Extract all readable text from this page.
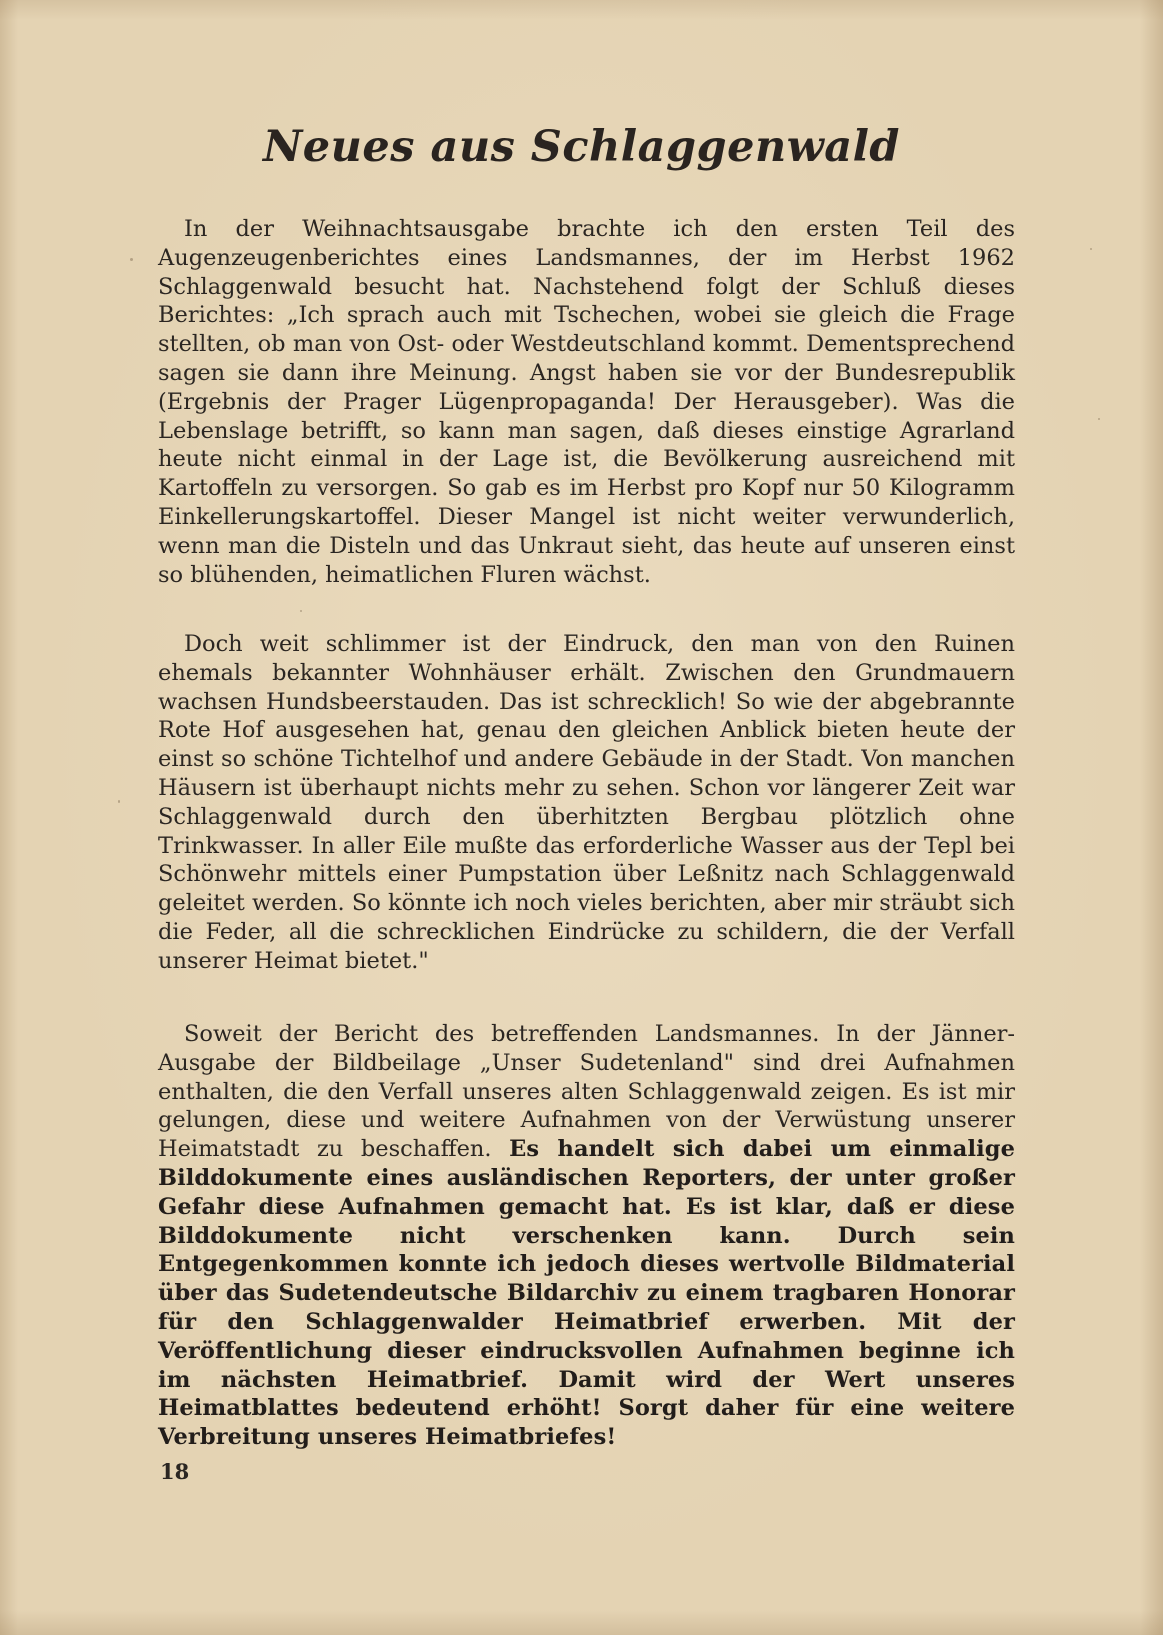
Neues aus Schlaggenwald

In der Weihnachtsausgabe brachte ich den ersten Teil des Augenzeugenberichtes eines Landsmannes, der im Herbst 1962 Schlaggenwald besucht hat. Nachstehend folgt der Schluß dieses Berichtes: „Ich sprach auch mit Tschechen, wobei sie gleich die Frage stellten, ob man von Ost- oder Westdeutschland kommt. Dementsprechend sagen sie dann ihre Meinung. Angst haben sie vor der Bundesrepublik (Ergebnis der Prager Lügenpropaganda! Der Herausgeber). Was die Lebenslage betrifft, so kann man sagen, daß dieses einstige Agrarland heute nicht einmal in der Lage ist, die Bevölkerung ausreichend mit Kartoffeln zu versorgen. So gab es im Herbst pro Kopf nur 50 Kilogramm Einkellerungskartoffel. Dieser Mangel ist nicht weiter verwunderlich, wenn man die Disteln und das Unkraut sieht, das heute auf unseren einst so blühenden, heimatlichen Fluren wächst.

Doch weit schlimmer ist der Eindruck, den man von den Ruinen ehemals bekannter Wohnhäuser erhält. Zwischen den Grundmauern wachsen Hundsbeerstauden. Das ist schrecklich! So wie der abgebrannte Rote Hof ausgesehen hat, genau den gleichen Anblick bieten heute der einst so schöne Tichtelhof und andere Gebäude in der Stadt. Von manchen Häusern ist überhaupt nichts mehr zu sehen. Schon vor längerer Zeit war Schlaggenwald durch den überhitzten Bergbau plötzlich ohne Trinkwasser. In aller Eile mußte das erforderliche Wasser aus der Tepl bei Schönwehr mittels einer Pumpstation über Leßnitz nach Schlaggenwald geleitet werden. So könnte ich noch vieles berichten, aber mir sträubt sich die Feder, all die schrecklichen Eindrücke zu schildern, die der Verfall unserer Heimat bietet."

Soweit der Bericht des betreffenden Landsmannes. In der Jänner-Ausgabe der Bildbeilage „Unser Sudetenland" sind drei Aufnahmen enthalten, die den Verfall unseres alten Schlaggenwald zeigen. Es ist mir gelungen, diese und weitere Aufnahmen von der Verwüstung unserer Heimatstadt zu beschaffen. Es handelt sich dabei um einmalige Bilddokumente eines ausländischen Reporters, der unter großer Gefahr diese Aufnahmen gemacht hat. Es ist klar, daß er diese Bilddokumente nicht verschenken kann. Durch sein Entgegenkommen konnte ich jedoch dieses wertvolle Bildmaterial über das Sudetendeutsche Bildarchiv zu einem tragbaren Honorar für den Schlaggenwalder Heimatbrief erwerben. Mit der Veröffentlichung dieser eindrucksvollen Aufnahmen beginne ich im nächsten Heimatbrief. Damit wird der Wert unseres Heimatblattes bedeutend erhöht! Sorgt daher für eine weitere Verbreitung unseres Heimatbriefes!

18
